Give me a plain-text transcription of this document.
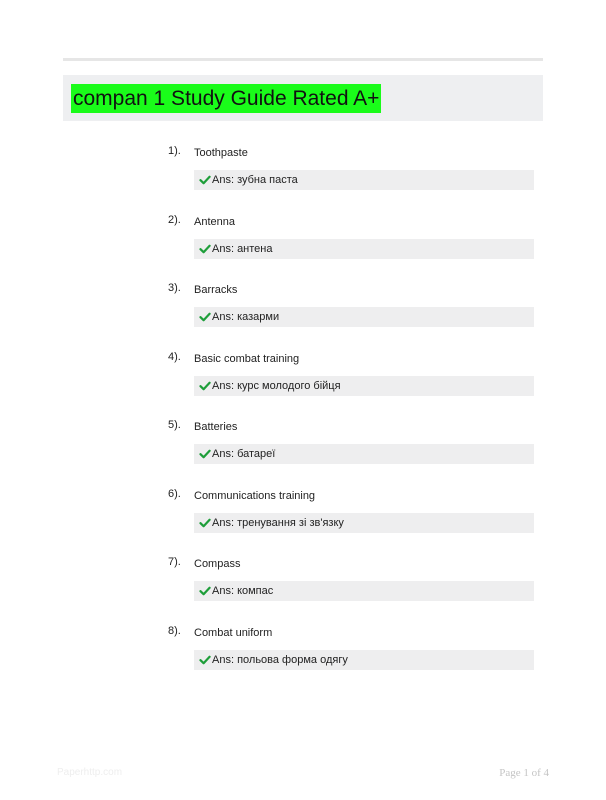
compan 1 Study Guide Rated A+
1). Toothpaste
Ans: зубна паста
2). Antenna
Ans: антена
3). Barracks
Ans: казарми
4). Basic combat training
Ans: курс молодого бійця
5). Batteries
Ans: батареї
6). Communications training
Ans: тренування зі зв'язку
7). Compass
Ans: компас
8). Combat uniform
Ans: польова форма одягу
Paperhttp.com	Page 1 of 4
